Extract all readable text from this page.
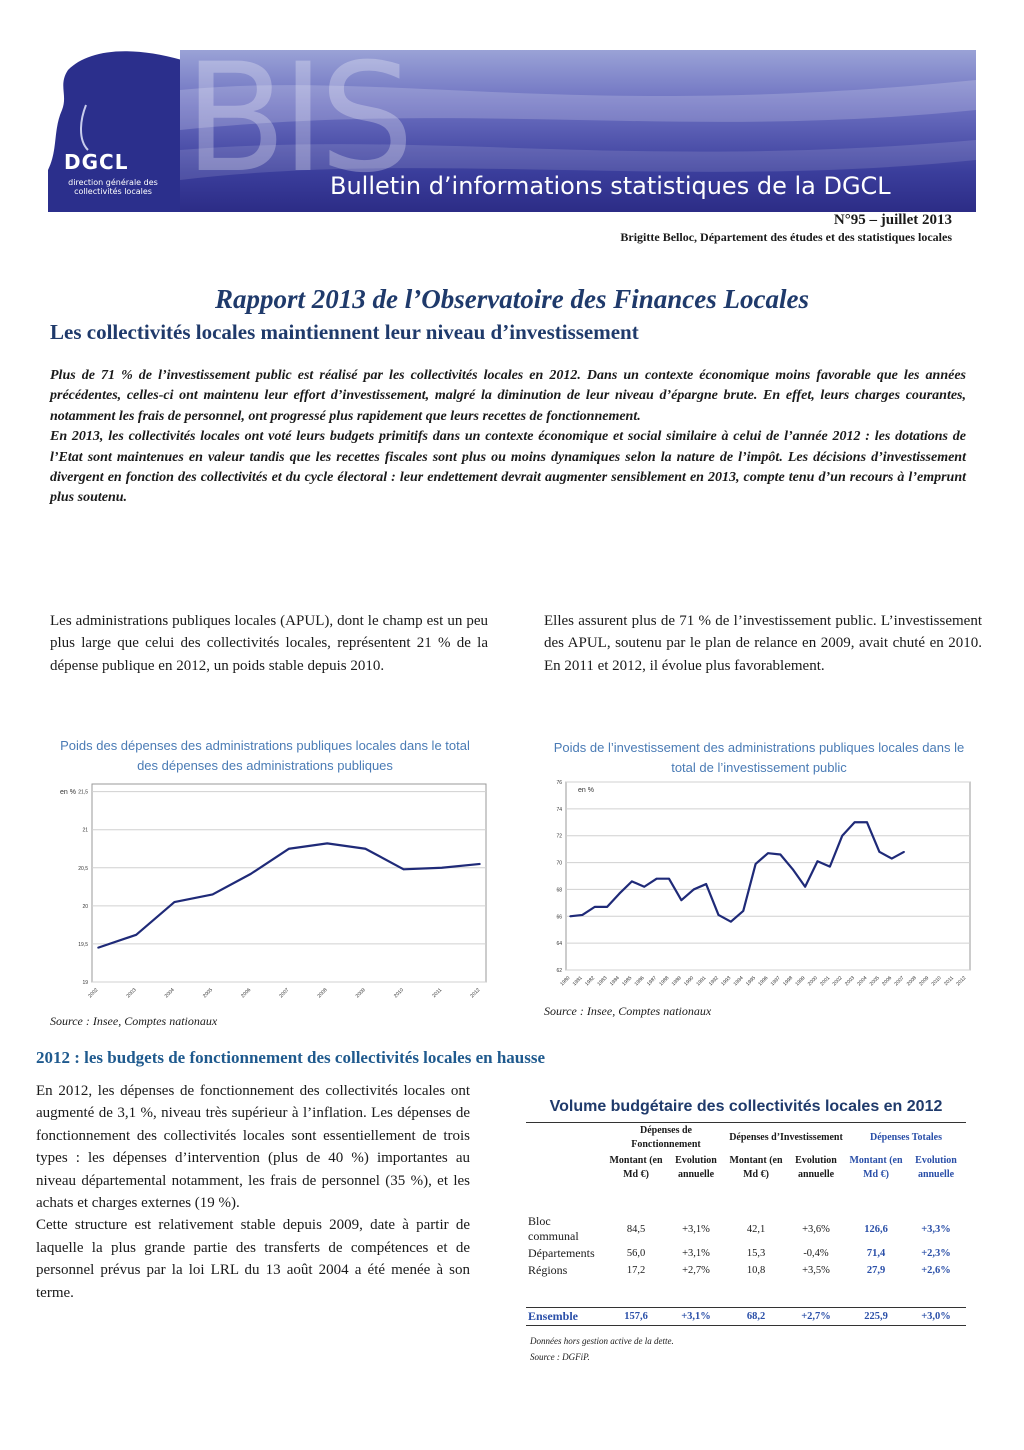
DGCL
direction générale des collectivités locales BIS
Bulletin d’informations statistiques de la DGCL
N°95 – juillet 2013
Brigitte Belloc, Département des études et des statistiques locales
Rapport 2013 de l’Observatoire des Finances Locales
Les collectivités locales maintiennent leur niveau d’investissement

Plus de 71 % de l’investissement public est réalisé par les collectivités locales en 2012. Dans un contexte économique moins favorable que les années précédentes, celles-ci ont maintenu leur effort d’investissement, malgré la diminution de leur niveau d’épargne brute. En effet, leurs charges courantes, notamment les frais de personnel, ont progressé plus rapidement que leurs recettes de fonctionnement.

En 2013, les collectivités locales ont voté leurs budgets primitifs dans un contexte économique et social similaire à celui de l’année 2012 : les dotations de l’Etat sont maintenues en valeur tandis que les recettes fiscales sont plus ou moins dynamiques selon la nature de l’impôt. Les décisions d’investissement divergent en fonction des collectivités et du cycle électoral : leur endettement devrait augmenter sensiblement en 2013, compte tenu d’un recours à l’emprunt plus soutenu.

Les administrations publiques locales (APUL), dont le champ est un peu plus large que celui des collectivités locales, représentent 21 % de la dépense publique en 2012, un poids stable depuis 2010.

Elles assurent plus de 71 % de l’investissement public. L’investissement des APUL, soutenu par le plan de relance en 2009, avait chuté en 2010. En 2011 et 2012, il évolue plus favorablement.

Poids des dépenses des administrations publiques locales dans le total des dépenses des administrations publiques
19
19,5
20
20,5
21
21,5
en %
2002	2003	2004	2005	2006	2007	2008	2009	2010	2011	2012
Source : Insee, Comptes nationaux
Poids de l’investissement des administrations publiques locales dans le total de l’investissement public
62
64
66
68
70
72
74
76
en %
1980 1981 1982 1983 1984 1985 1986 1987 1988 1989 1990 1991 1992 1993 1994 1995 1996 1997 1998 1999 2000 2001 2002 2003 2004 2005 2006 2007 2008 2009 2010 2011 2012
Source : Insee, Comptes nationaux
2012 : les budgets de fonctionnement des collectivités locales en hausse

En 2012, les dépenses de fonctionnement des collectivités locales ont augmenté de 3,1 %, niveau très supérieur à l’inflation. Les dépenses de fonctionnement des collectivités locales sont essentiellement de trois types : les dépenses d’intervention (plus de 40 %) importantes au niveau départemental notamment, les frais de personnel (35 %), et les achats et charges externes (19 %).

Cette structure est relativement stable depuis 2009, date à partir de laquelle la plus grande partie des transferts de compétences et de personnel prévus par la loi LRL du 13 août 2004 a été menée à son terme.

Volume budgétaire des collectivités locales en 2012
	Dépenses de Fonctionnement		Dépenses d’Investissement		Dépenses Totales	
	Montant (en Md €)	Evolution annuelle	Montant (en Md €)	Evolution annuelle	Montant (en Md €)	Evolution annuelle

Bloc communal	84,5	+3,1%	42,1	+3,6%	126,6	+3,3%
Départements	56,0	+3,1%	15,3	-0,4%	71,4	+2,3%
Régions	17,2	+2,7%	10,8	+3,5%	27,9	+2,6%

Ensemble	157,6	+3,1%	68,2	+2,7%	225,9	+3,0%
Données hors gestion active de la dette.
Source : DGFiP.
